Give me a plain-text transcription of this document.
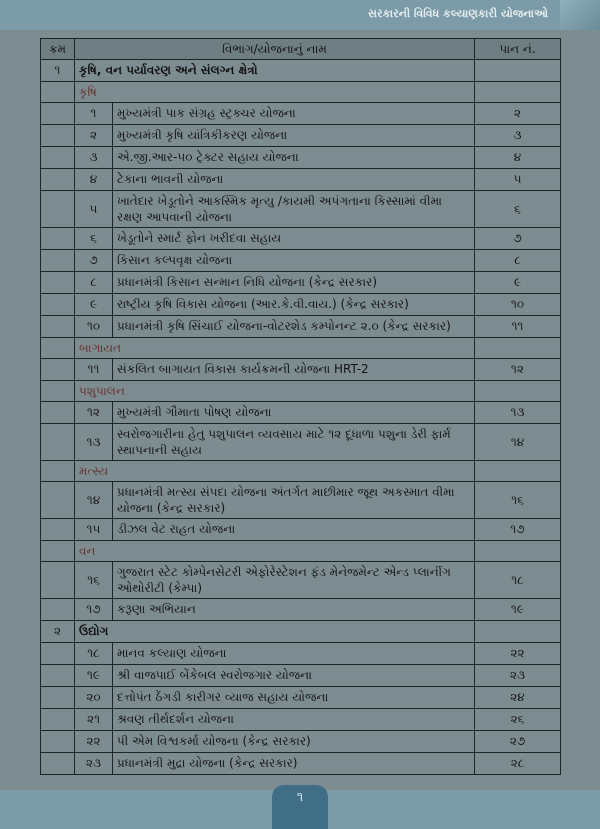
સરકારની વિવિધ કલ્યાણકારી યોજનાઓ
ક્રમ	વિભાગ/યોજનાનું નામ		પાન નં.
૧	કૃષિ, વન પર્યાવરણ અને સંલગ્ન ક્ષેત્રો		
	કૃષિ		
	૧	મુખ્યમંત્રી પાક સંગ્રહ સ્ટ્રક્ચર યોજના	૨
	૨	મુખ્યમંત્રી કૃષિ યાંત્રિકીકરણ યોજના	૩
	૩	એ.જી.આર-૫૦ ટ્રેક્ટર સહાય યોજના	૪
	૪	ટેકાના ભાવની યોજના	૫
	૫	ખાતેદાર ખેડૂતોને આકસ્મિક મૃત્યુ /કાયમી અપંગતાના કિસ્સામાં વીમા રક્ષણ આપવાની યોજના	૬
	૬	ખેડૂતોને સ્માર્ટ ફોન ખરીદવા સહાય	૭
	૭	કિસાન કલ્પવૃક્ષ યોજના	૮
	૮	પ્રધાનમંત્રી કિસાન સન્માન નિધિ યોજના (કેન્દ્ર સરકાર)	૯
	૯	રાષ્ટ્રીય કૃષિ વિકાસ યોજના (આર.કે.વી.વાય.) (કેન્દ્ર સરકાર)	૧૦
	૧૦	પ્રધાનમંત્રી કૃષિ સિંચાઈ યોજના-વોટરશેડ કમ્પોનન્ટ ૨.૦ (કેન્દ્ર સરકાર)	૧૧
	બાગાયત		
	૧૧	સંકલિત બાગાયત વિકાસ કાર્યક્રમની યોજના HRT-2	૧૨
	પશુપાલન		
	૧૨	મુખ્યમંત્રી ગૌમાતા પોષણ યોજના	૧૩
	૧૩	સ્વરોજગારીના હેતુ પશુપાલન વ્યવસાય માટે ૧૨ દૂધાળા પશુના ડેરી ફાર્મ સ્થાપનાની સહાય	૧૪
	મત્સ્ય		
	૧૪	પ્રધાનમંત્રી મત્સ્ય સંપદા યોજના અંતર્ગત માછીમાર જૂથ અકસ્માત વીમા યોજના (કેન્દ્ર સરકાર)	૧૬
	૧૫	ડીઝલ વેટ રાહત યોજના	૧૭
	વન		
	૧૬	ગુજરાત સ્ટેટ કોમ્પેનસેટરી એફોરેસ્ટેશન ફંડ મેનેજમેન્ટ એન્ડ પ્લાનીંગ ઓથોરીટી (કેમ્પા)	૧૮
	૧૭	કરૂણા અભિયાન	૧૯
૨	ઉદ્યોગ		
	૧૮	માનવ કલ્યાણ યોજના	૨૨
	૧૯	શ્રી વાજપાઈ બેંકેબલ સ્વરોજગાર યોજના	૨૩
	૨૦	દત્તોપંત ઠેંગડી કારીગર વ્યાજ સહાય યોજના	૨૪
	૨૧	શ્રવણ તીર્થદર્શન યોજના	૨૬
	૨૨	પી એમ વિશ્વકર્મા યોજના (કેન્દ્ર સરકાર)	૨૭
	૨૩	પ્રધાનમંત્રી મુદ્રા યોજના (કેન્દ્ર સરકાર)	૨૮
૧
